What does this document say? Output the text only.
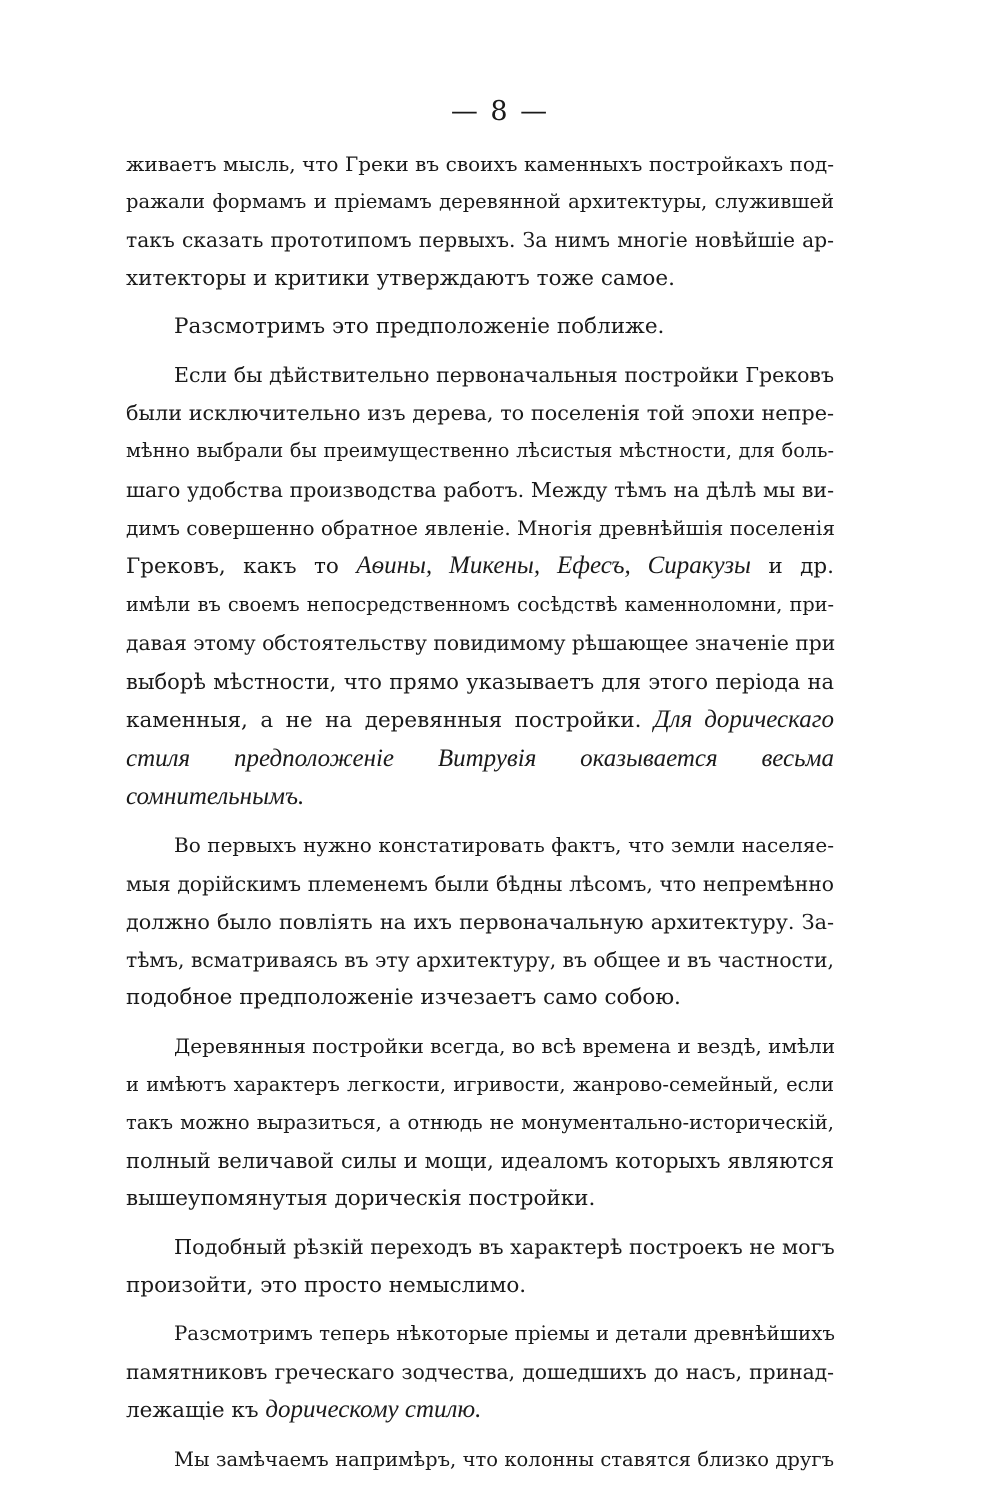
— 8 —

живаетъ мысль, что Греки въ своихъ каменныхъ постройкахъ под-
ражали формамъ и пріемамъ деревянной архитектуры, служившей
такъ сказать прототипомъ первыхъ. За нимъ многіе новѣйшіе ар-
хитекторы и критики утверждаютъ тоже самое.

Разсмотримъ это предположеніе поближе.

Если бы дѣйствительно первоначальныя постройки Грековъ
были исключительно изъ дерева, то поселенія той эпохи непре-
мѣнно выбрали бы преимущественно лѣсистыя мѣстности, для боль-
шаго удобства производства работъ. Между тѣмъ на дѣлѣ мы ви-
димъ совершенно обратное явленіе. Многія древнѣйшія поселенія
Грековъ, какъ то Аѳины, Микены, Ефесъ, Сиракузы и др.
имѣли въ своемъ непосредственномъ сосѣдствѣ каменноломни, при-
давая этому обстоятельству повидимому рѣшающее значеніе при
выборѣ мѣстности, что прямо указываетъ для этого періода на
каменныя, а не на деревянныя постройки. Для дорическаго
стиля предположеніе Витрувія оказывается весьма
сомнительнымъ.

Во первыхъ нужно констатировать фактъ, что земли населяе-
мыя дорійскимъ племенемъ были бѣдны лѣсомъ, что непремѣнно
должно было повліять на ихъ первоначальную архитектуру. За-
тѣмъ, всматриваясь въ эту архитектуру, въ общее и въ частности,
подобное предположеніе изчезаетъ само собою.

Деревянныя постройки всегда, во всѣ времена и вездѣ, имѣли
и имѣютъ характеръ легкости, игривости, жанрово-семейный, если
такъ можно выразиться, а отнюдь не монументально-историческій,
полный величавой силы и мощи, идеаломъ которыхъ являются
вышеупомянутыя дорическія постройки.

Подобный рѣзкій переходъ въ характерѣ построекъ не могъ
произойти, это просто немыслимо.

Разсмотримъ теперь нѣкоторые пріемы и детали древнѣйшихъ
памятниковъ греческаго зодчества, дошедшихъ до насъ, принад-
лежащіе къ дорическому стилю.

Мы замѣчаемъ напримѣръ, что колонны ставятся близко другъ
